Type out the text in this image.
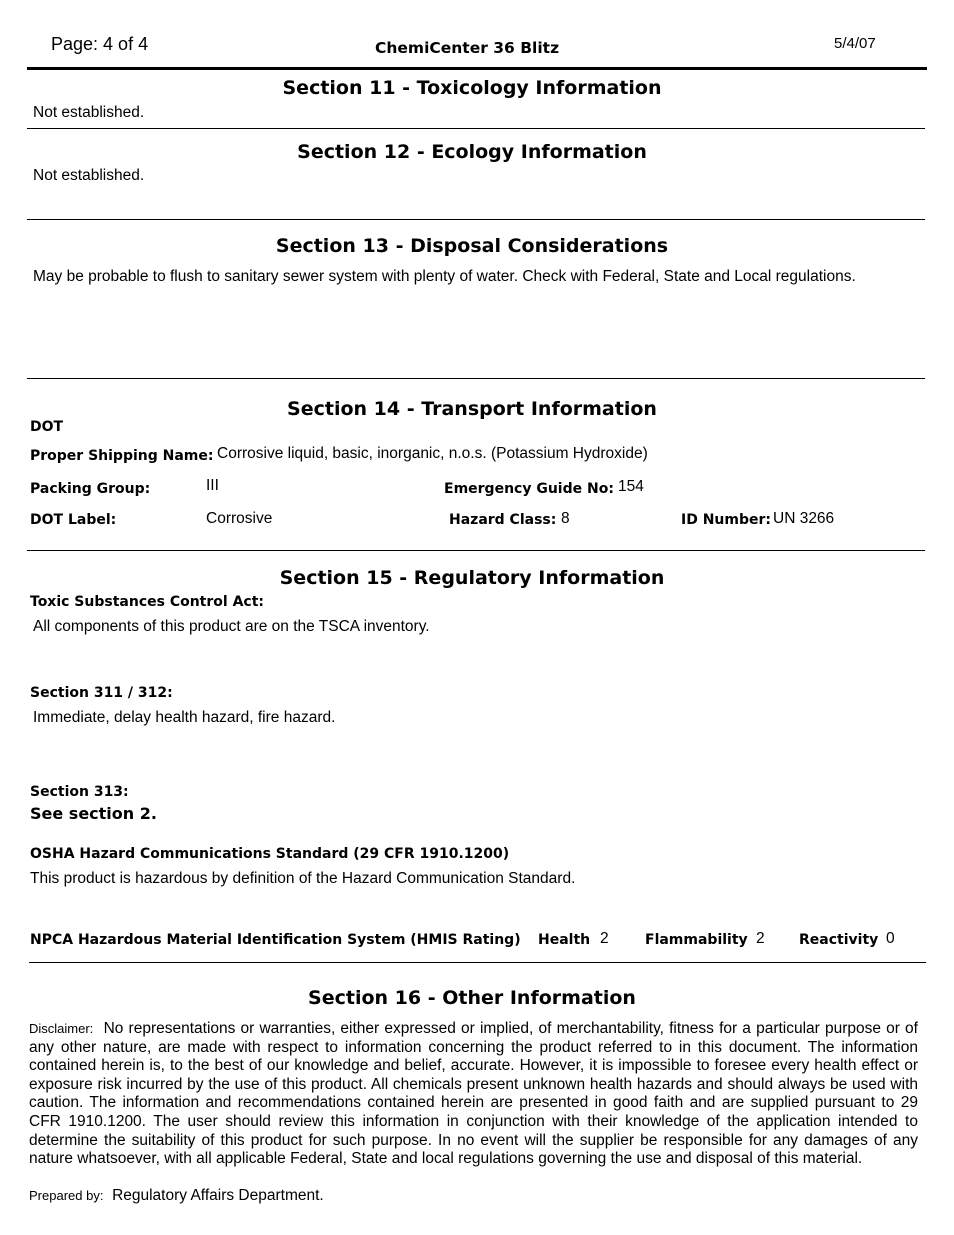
Page: 4 of 4	ChemiCenter 36 Blitz	5/4/07
Section 11 - Toxicology Information
Not established.
Section 12 - Ecology Information
Not established.
Section 13 - Disposal Considerations
May be probable to flush to sanitary sewer system with plenty of water. Check with Federal, State and Local regulations.
Section 14 - Transport Information
DOT
Proper Shipping Name: Corrosive liquid, basic, inorganic, n.o.s. (Potassium Hydroxide)
Packing Group:	III	Emergency Guide No: 154
DOT Label:	Corrosive	Hazard Class: 8	ID Number: UN 3266
Section 15 - Regulatory Information
Toxic Substances Control Act:
All components of this product are on the TSCA inventory.
Section 311 / 312:
Immediate, delay health hazard, fire hazard.
Section 313:
See section 2.
OSHA Hazard Communications Standard (29 CFR 1910.1200)
This product is hazardous by definition of the Hazard Communication Standard.
NPCA Hazardous Material Identification System (HMIS Rating) Health 2	Flammability 2 Reactivity 0
Section 16 - Other Information
Disclaimer: No representations or warranties, either expressed or implied, of merchantability, fitness for a particular purpose or of any other nature, are made with respect to information concerning the product referred to in this document. The information contained herein is, to the best of our knowledge and belief, accurate. However, it is impossible to foresee every health effect or exposure risk incurred by the use of this product. All chemicals present unknown health hazards and should always be used with caution. The information and recommendations contained herein are presented in good faith and are supplied pursuant to 29 CFR 1910.1200. The user should review this information in conjunction with their knowledge of the application intended to determine the suitability of this product for such purpose. In no event will the supplier be responsible for any damages of any nature whatsoever, with all applicable Federal, State and local regulations governing the use and disposal of this material.
Prepared by: Regulatory Affairs Department.
